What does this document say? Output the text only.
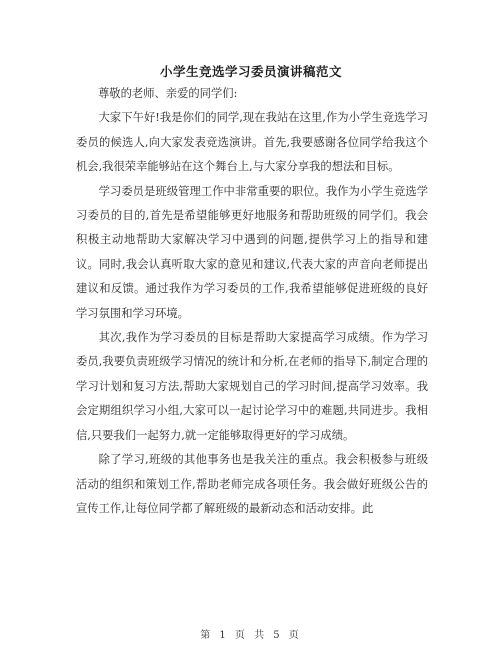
小学生竞选学习委员演讲稿范文

尊敬的老师、亲爱的同学们:

大家下午好!我是你们的同学,现在我站在这里,作为小学生竞选学习委员的候选人,向大家发表竞选演讲。首先,我要感谢各位同学给我这个机会,我很荣幸能够站在这个舞台上,与大家分享我的想法和目标。

学习委员是班级管理工作中非常重要的职位。我作为小学生竞选学习委员的目的,首先是希望能够更好地服务和帮助班级的同学们。我会积极主动地帮助大家解决学习中遇到的问题,提供学习上的指导和建议。同时,我会认真听取大家的意见和建议,代表大家的声音向老师提出建议和反馈。通过我作为学习委员的工作,我希望能够促进班级的良好学习氛围和学习环境。

其次,我作为学习委员的目标是帮助大家提高学习成绩。作为学习委员,我要负责班级学习情况的统计和分析,在老师的指导下,制定合理的学习计划和复习方法,帮助大家规划自己的学习时间,提高学习效率。我会定期组织学习小组,大家可以一起讨论学习中的难题,共同进步。我相信,只要我们一起努力,就一定能够取得更好的学习成绩。

除了学习,班级的其他事务也是我关注的重点。我会积极参与班级活动的组织和策划工作,帮助老师完成各项任务。我会做好班级公告的宣传工作,让每位同学都了解班级的最新动态和活动安排。此

第 1 页 共 5 页
